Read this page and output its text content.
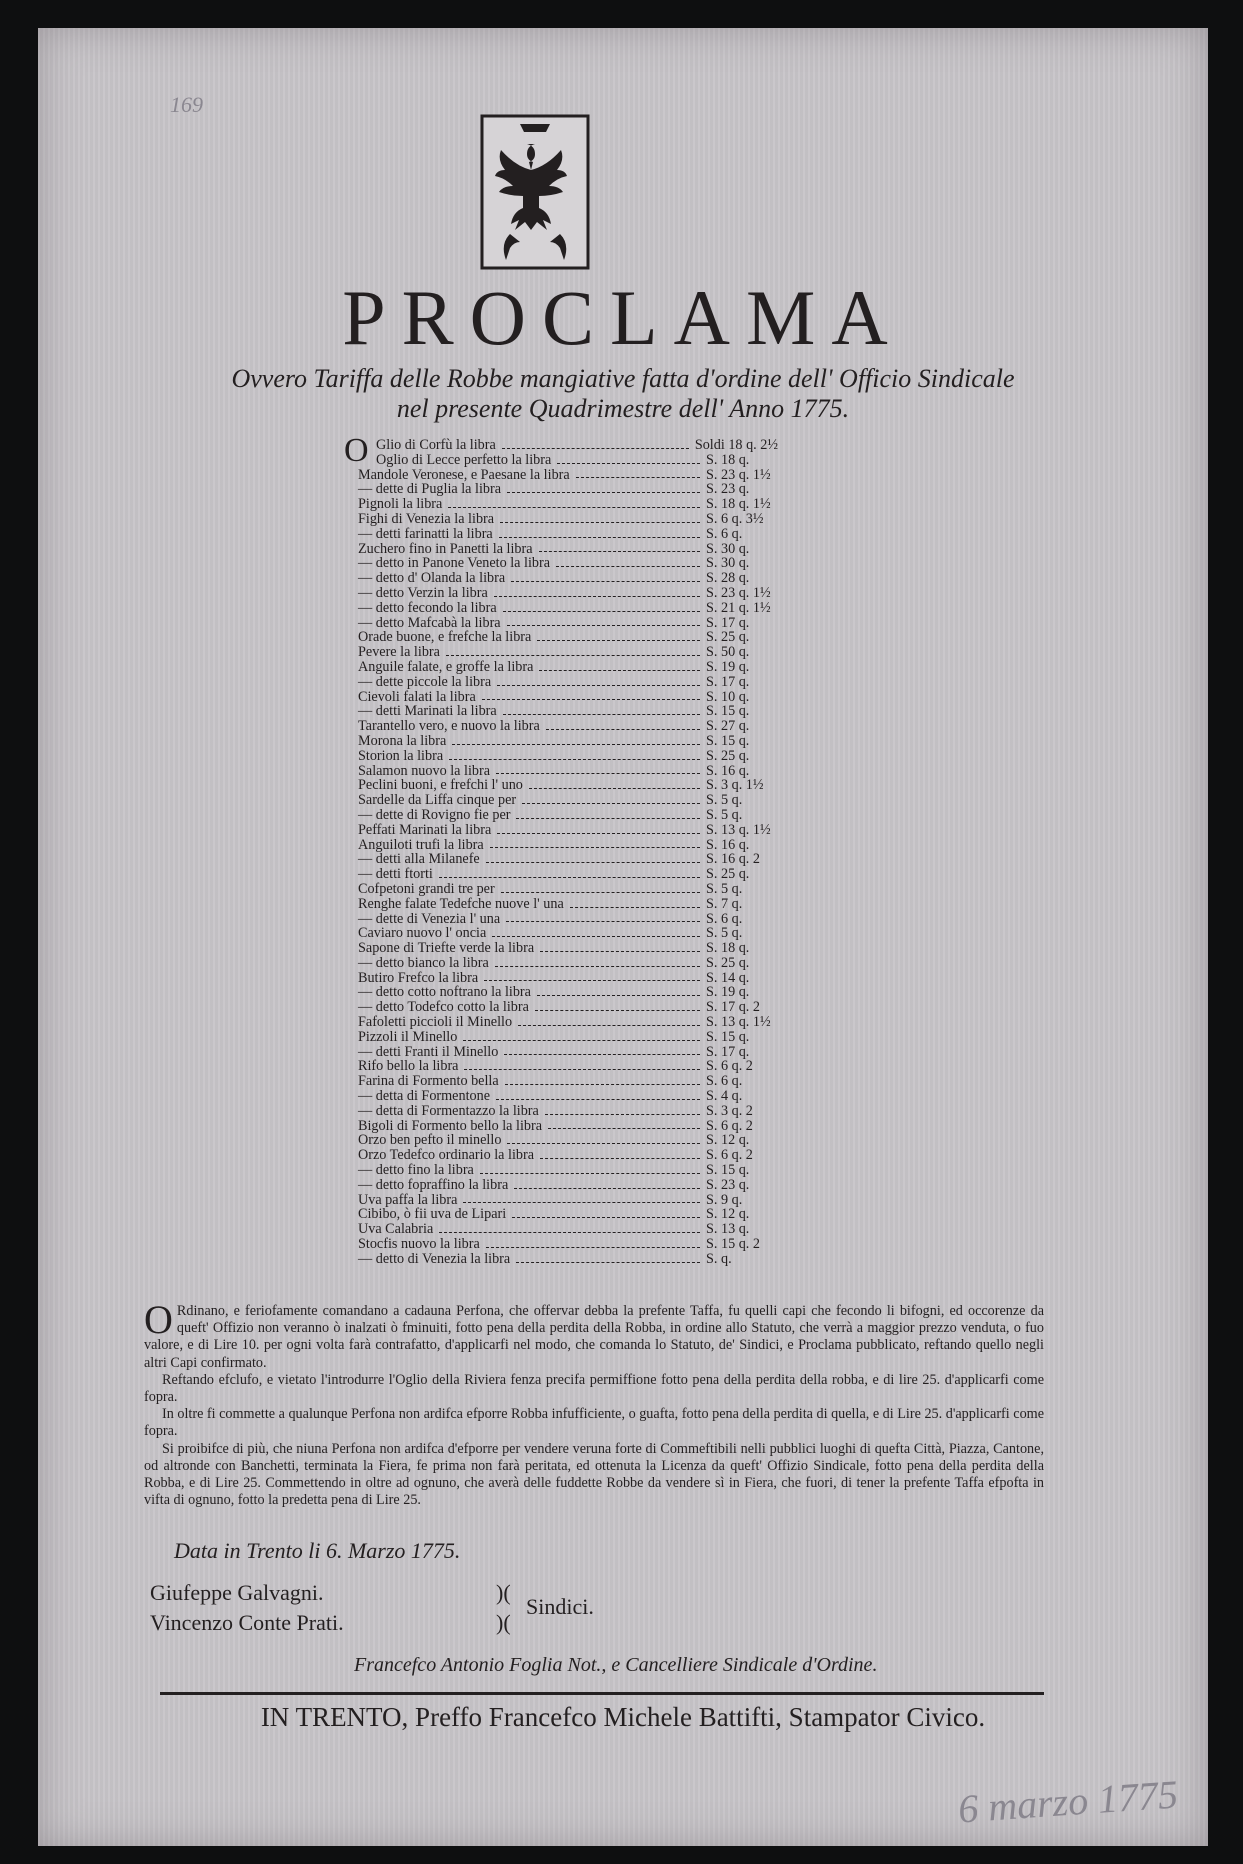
169
PROCLAMA
Ovvero Tariffa delle Robbe mangiative fatta d'ordine dell' Officio Sindicale
nel presente Quadrimestre dell' Anno 1775.
O Glio di Corfù la libra	Soldi 18 q. 2½
Oglio di Lecce perfetto la libra	S. 18 q.
Mandole Veronese, e Paesane la libra	S. 23 q. 1½
— dette di Puglia la libra	S. 23 q.
Pignoli la libra	S. 18 q. 1½
Fighi di Venezia la libra	S. 6 q. 3½
— detti farinatti la libra	S. 6 q.
Zuchero fino in Panetti la libra	S. 30 q.
— detto in Panone Veneto la libra	S. 30 q.
— detto d' Olanda la libra	S. 28 q.
— detto Verzin la libra	S. 23 q. 1½
— detto fecondo la libra	S. 21 q. 1½
— detto Mafcabà la libra	S. 17 q.
Orade buone, e frefche la libra	S. 25 q.
Pevere la libra	S. 50 q.
Anguile falate, e groffe la libra	S. 19 q.
— dette piccole la libra	S. 17 q.
Cievoli falati la libra	S. 10 q.
— detti Marinati la libra	S. 15 q.
Tarantello vero, e nuovo la libra	S. 27 q.
Morona la libra	S. 15 q.
Storion la libra	S. 25 q.
Salamon nuovo la libra	S. 16 q.
Peclini buoni, e frefchi l' uno	S. 3 q. 1½
Sardelle da Liffa cinque per	S. 5 q.
— dette di Rovigno fie per	S. 5 q.
Peffati Marinati la libra	S. 13 q. 1½
Anguiloti trufi la libra	S. 16 q.
— detti alla Milanefe	S. 16 q. 2
— detti ftorti	S. 25 q.
Cofpetoni grandi tre per	S. 5 q.
Renghe falate Tedefche nuove l' una	S. 7 q.
— dette di Venezia l' una	S. 6 q.
Caviaro nuovo l' oncia	S. 5 q.
Sapone di Triefte verde la libra	S. 18 q.
— detto bianco la libra	S. 25 q.
Butiro Frefco la libra	S. 14 q.
— detto cotto noftrano la libra	S. 19 q.
— detto Todefco cotto la libra	S. 17 q. 2
Fafoletti piccioli il Minello	S. 13 q. 1½
Pizzoli il Minello	S. 15 q.
— detti Franti il Minello	S. 17 q.
Rifo bello la libra	S. 6 q. 2
Farina di Formento bella	S. 6 q.
— detta di Formentone	S. 4 q.
— detta di Formentazzo la libra	S. 3 q. 2
Bigoli di Formento bello la libra	S. 6 q. 2
Orzo ben pefto il minello	S. 12 q.
Orzo Tedefco ordinario la libra	S. 6 q. 2
— detto fino la libra	S. 15 q.
— detto fopraffino la libra	S. 23 q.
Uva paffa la libra	S. 9 q.
Cibibo, ò fii uva de Lipari	S. 12 q.
Uva Calabria	S. 13 q.
Stocfis nuovo la libra	S. 15 q. 2
— detto di Venezia la libra	S. q.

O Rdinano, e feriofamente comandano a cadauna Perfona, che offervar debba la prefente Taffa, fu quelli capi che fecondo li bifogni, ed occorenze da queft' Offizio non veranno ò inalzati ò fminuiti, fotto pena della perdita della Robba, in ordine allo Statuto, che verrà a maggior prezzo venduta, o fuo valore, e di Lire 10. per ogni volta farà contrafatto, d'applicarfi nel modo, che comanda lo Statuto, de' Sindici, e Proclama pubblicato, reftando quello negli altri Capi confirmato.

Reftando efclufo, e vietato l'introdurre l'Oglio della Riviera fenza precifa permiffione fotto pena della perdita della robba, e di lire 25. d'applicarfi come fopra.

In oltre fi commette a qualunque Perfona non ardifca efporre Robba infufficiente, o guafta, fotto pena della perdita di quella, e di Lire 25. d'applicarfi come fopra.

Si proibifce di più, che niuna Perfona non ardifca d'efporre per vendere veruna forte di Commeftibili nelli pubblici luoghi di quefta Città, Piazza, Cantone, od altronde con Banchetti, terminata la Fiera, fe prima non farà peritata, ed ottenuta la Licenza da queft' Offizio Sindicale, fotto pena della perdita della Robba, e di Lire 25. Commettendo in oltre ad ognuno, che averà delle fuddette Robbe da vendere sì in Fiera, che fuori, di tener la prefente Taffa efpofta in vifta di ognuno, fotto la predetta pena di Lire 25.

Data in Trento li 6. Marzo 1775.
Giufeppe Galvagni.
Vincenzo Conte Prati.
)(
)(
Sindici.
Francefco Antonio Foglia Not., e Cancelliere Sindicale d'Ordine.
IN TRENTO, Preffo Francefco Michele Battifti, Stampator Civico.
6 marzo 1775
